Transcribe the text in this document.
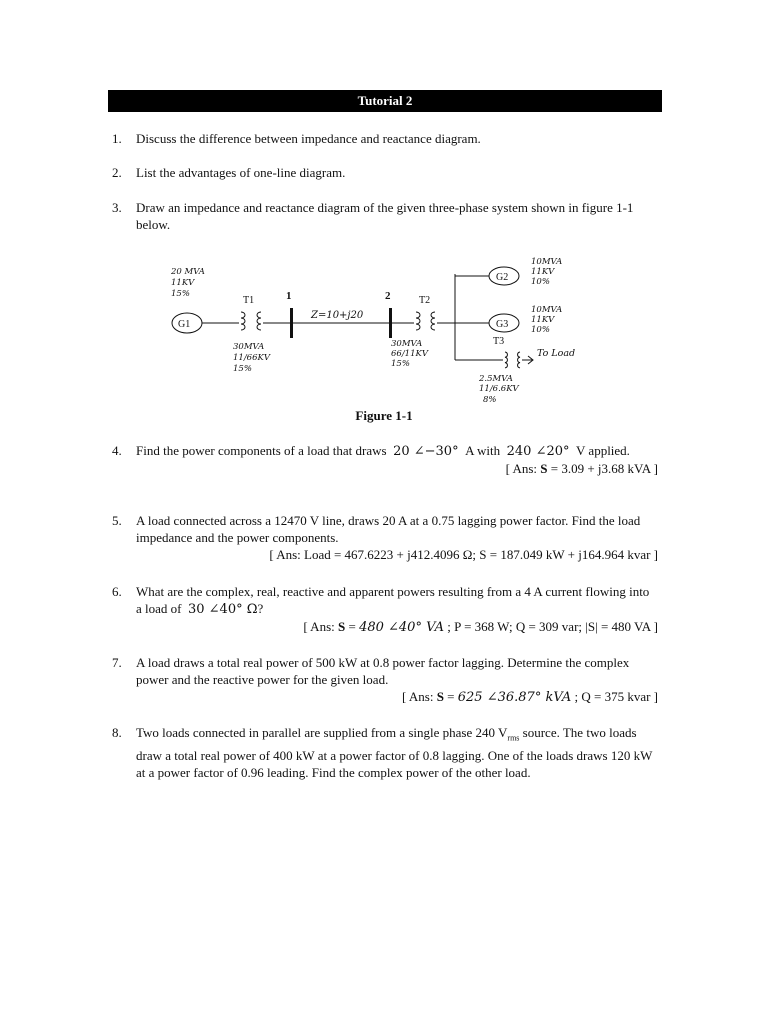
Tutorial 2
1.	Discuss the difference between impedance and reactance diagram.
2.	List the advantages of one-line diagram.
3.	Draw an impedance and reactance diagram of the given three-phase system shown in figure 1-1 below.
G1
20 MVA
11KV
15%
T1
30MVA
11/66KV
15%
1
Z=10+j20
2	T2
30MVA
66/11KV
15%
G2
10MVA
11KV
10%
G3
10MVA
11KV
10%
T3
To Load
2.5MVA
11/6.6KV
8%
Figure 1-1
4.	Find the power components of a load that draws 20 ∠−30° A with 240 ∠20° V applied.
[ Ans: S = 3.09 + j3.68 kVA ]
5.	A load connected across a 12470 V line, draws 20 A at a 0.75 lagging power factor. Find the load impedance and the power components.
[ Ans: Load = 467.6223 + j412.4096 Ω; S = 187.049 kW + j164.964 kvar ]
6.	What are the complex, real, reactive and apparent powers resulting from a 4 A current flowing into a load of 30 ∠40° Ω?
[ Ans: S = 480 ∠40° VA ; P = 368 W; Q = 309 var; |S| = 480 VA ]
7.	A load draws a total real power of 500 kW at 0.8 power factor lagging. Determine the complex power and the reactive power for the given load.
[ Ans: S = 625 ∠36.87° kVA ; Q = 375 kvar ]
8.	Two loads connected in parallel are supplied from a single phase 240 $V_{rms}$ source. The two loads draw a total real power of 400 kW at a power factor of 0.8 lagging. One of the loads draws 120 kW at a power factor of 0.96 leading. Find the complex power of the other load.
